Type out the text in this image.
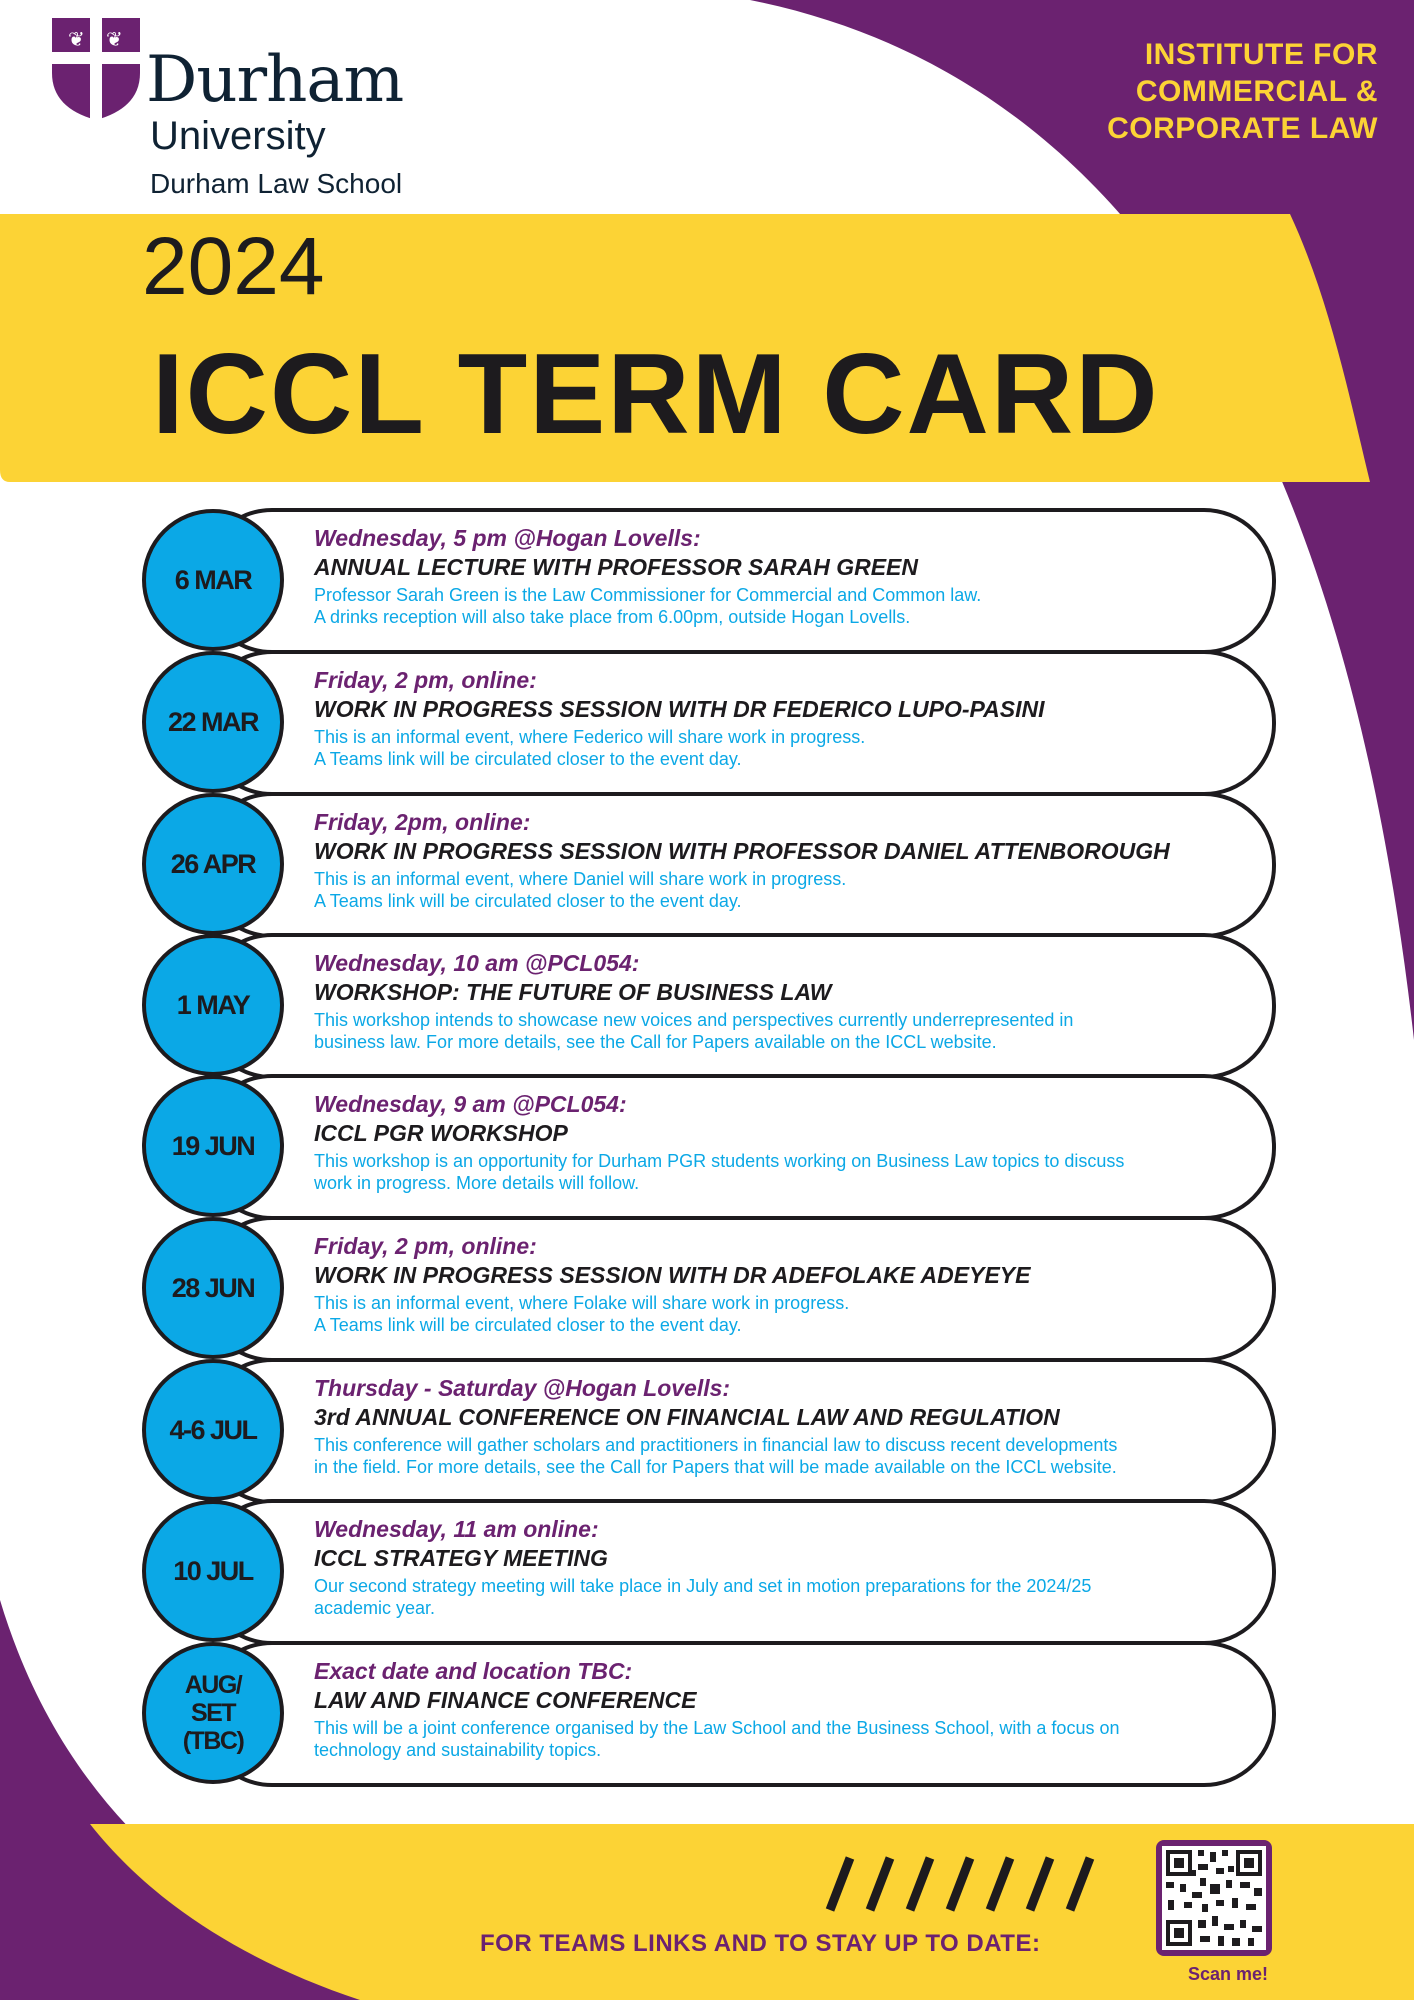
❦ ❦
Durham
University
Durham Law School
INSTITUTE FOR COMMERCIAL & CORPORATE LAW
2024
ICCL TERM CARD
6 MAR
Wednesday, 5 pm @Hogan Lovells:
ANNUAL LECTURE WITH PROFESSOR SARAH GREEN
Professor Sarah Green is the Law Commissioner for Commercial and Common law.
A drinks reception will also take place from 6.00pm, outside Hogan Lovells.
22 MAR
Friday, 2 pm, online:
WORK IN PROGRESS SESSION WITH DR FEDERICO LUPO-PASINI
This is an informal event, where Federico will share work in progress.
A Teams link will be circulated closer to the event day.
26 APR
Friday, 2pm, online:
WORK IN PROGRESS SESSION WITH PROFESSOR DANIEL ATTENBOROUGH
This is an informal event, where Daniel will share work in progress.
A Teams link will be circulated closer to the event day.
1 MAY
Wednesday, 10 am @PCL054:
WORKSHOP: THE FUTURE OF BUSINESS LAW
This workshop intends to showcase new voices and perspectives currently underrepresented in
business law. For more details, see the Call for Papers available on the ICCL website.
19 JUN
Wednesday, 9 am @PCL054:
ICCL PGR WORKSHOP
This workshop is an opportunity for Durham PGR students working on Business Law topics to discuss
work in progress. More details will follow.
28 JUN
Friday, 2 pm, online:
WORK IN PROGRESS SESSION WITH DR ADEFOLAKE ADEYEYE
This is an informal event, where Folake will share work in progress.
A Teams link will be circulated closer to the event day.
4-6 JUL
Thursday - Saturday @Hogan Lovells:
3rd ANNUAL CONFERENCE ON FINANCIAL LAW AND REGULATION
This conference will gather scholars and practitioners in financial law to discuss recent developments
in the field. For more details, see the Call for Papers that will be made available on the ICCL website.
10 JUL
Wednesday, 11 am online:
ICCL STRATEGY MEETING
Our second strategy meeting will take place in July and set in motion preparations for the 2024/25
academic year.
AUG/
SET
(TBC)
Exact date and location TBC:
LAW AND FINANCE CONFERENCE
This will be a joint conference organised by the Law School and the Business School, with a focus on
technology and sustainability topics.
FOR TEAMS LINKS AND TO STAY UP TO DATE:
Scan me!
